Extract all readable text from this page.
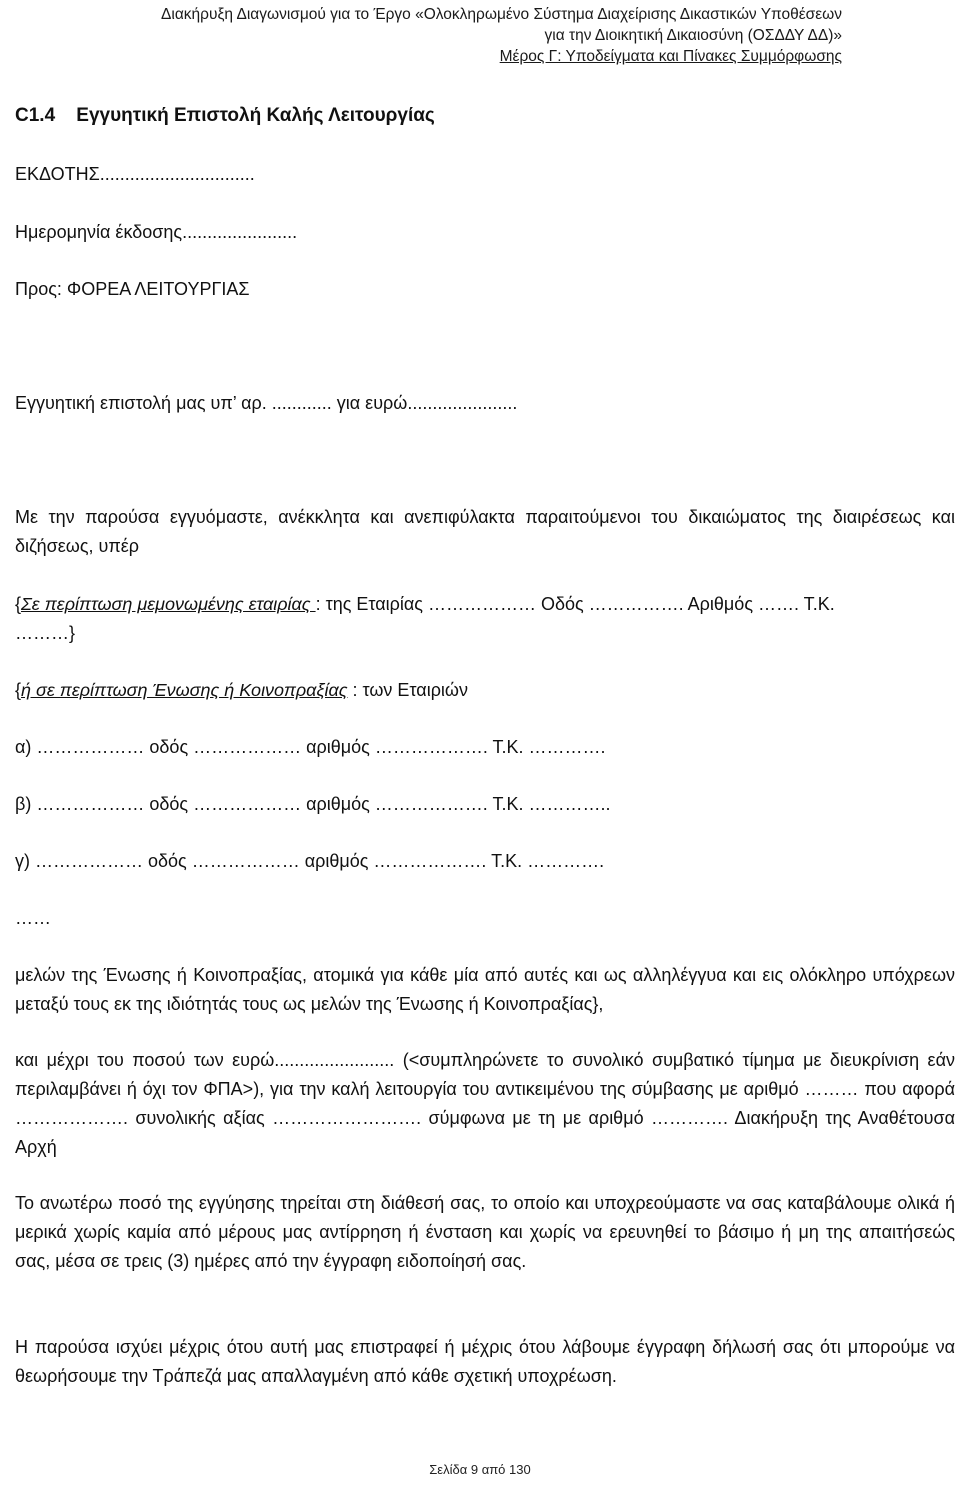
Διακήρυξη Διαγωνισμού για το Έργο «Ολοκληρωμένο Σύστημα Διαχείρισης Δικαστικών Υποθέσεων
για την Διοικητική Δικαιοσύνη (ΟΣΔΔΥ ΔΔ)»
Μέρος Γ: Υποδείγματα και Πίνακες Συμμόρφωσης
C1.4 Εγγυητική Επιστολή Καλής Λειτουργίας

ΕΚΔΟΤΗΣ...............................

Ημερομηνία έκδοσης.......................

Προς: ΦΟΡΕΑ ΛΕΙΤΟΥΡΓΙΑΣ

Εγγυητική επιστολή μας υπ’ αρ. ............ για ευρώ......................

Με την παρούσα εγγυόμαστε, ανέκκλητα και ανεπιφύλακτα παραιτούμενοι του δικαιώματος της διαιρέσεως και διζήσεως, υπέρ

{Σε περίπτωση μεμονωμένης εταιρίας : της Εταιρίας ……………… Οδός ……………. Αριθμός ……. Τ.Κ.

………}

{ή σε περίπτωση Ένωσης ή Κοινοπραξίας : των Εταιριών

α) ……………… οδός ……………… αριθμός ………………. Τ.Κ. ………….

β) ……………… οδός ……………… αριθμός ………………. Τ.Κ. …………..

γ) ……………… οδός ……………… αριθμός ………………. Τ.Κ. ………….

……

μελών της Ένωσης ή Κοινοπραξίας, ατομικά για κάθε μία από αυτές και ως αλληλέγγυα και εις ολόκληρο υπόχρεων μεταξύ τους εκ της ιδιότητάς τους ως μελών της Ένωσης ή Κοινοπραξίας},

και μέχρι του ποσού των ευρώ........................ (<συμπληρώνετε το συνολικό συμβατικό τίμημα με διευκρίνιση εάν περιλαμβάνει ή όχι τον ΦΠΑ>), για την καλή λειτουργία του αντικειμένου της σύμβασης με αριθμό ……… που αφορά ………………. συνολικής αξίας ……………………. σύμφωνα με τη με αριθμό …………. Διακήρυξη της Αναθέτουσα Αρχή

Το ανωτέρω ποσό της εγγύησης τηρείται στη διάθεσή σας, το οποίο και υποχρεούμαστε να σας καταβάλουμε ολικά ή μερικά χωρίς καμία από μέρους μας αντίρρηση ή ένσταση και χωρίς να ερευνηθεί το βάσιμο ή μη της απαιτήσεώς σας, μέσα σε τρεις (3) ημέρες από την έγγραφη ειδοποίησή σας.

Η παρούσα ισχύει μέχρις ότου αυτή μας επιστραφεί ή μέχρις ότου λάβουμε έγγραφη δήλωσή σας ότι μπορούμε να θεωρήσουμε την Τράπεζά μας απαλλαγμένη από κάθε σχετική υποχρέωση.

Σελίδα 9 από 130
